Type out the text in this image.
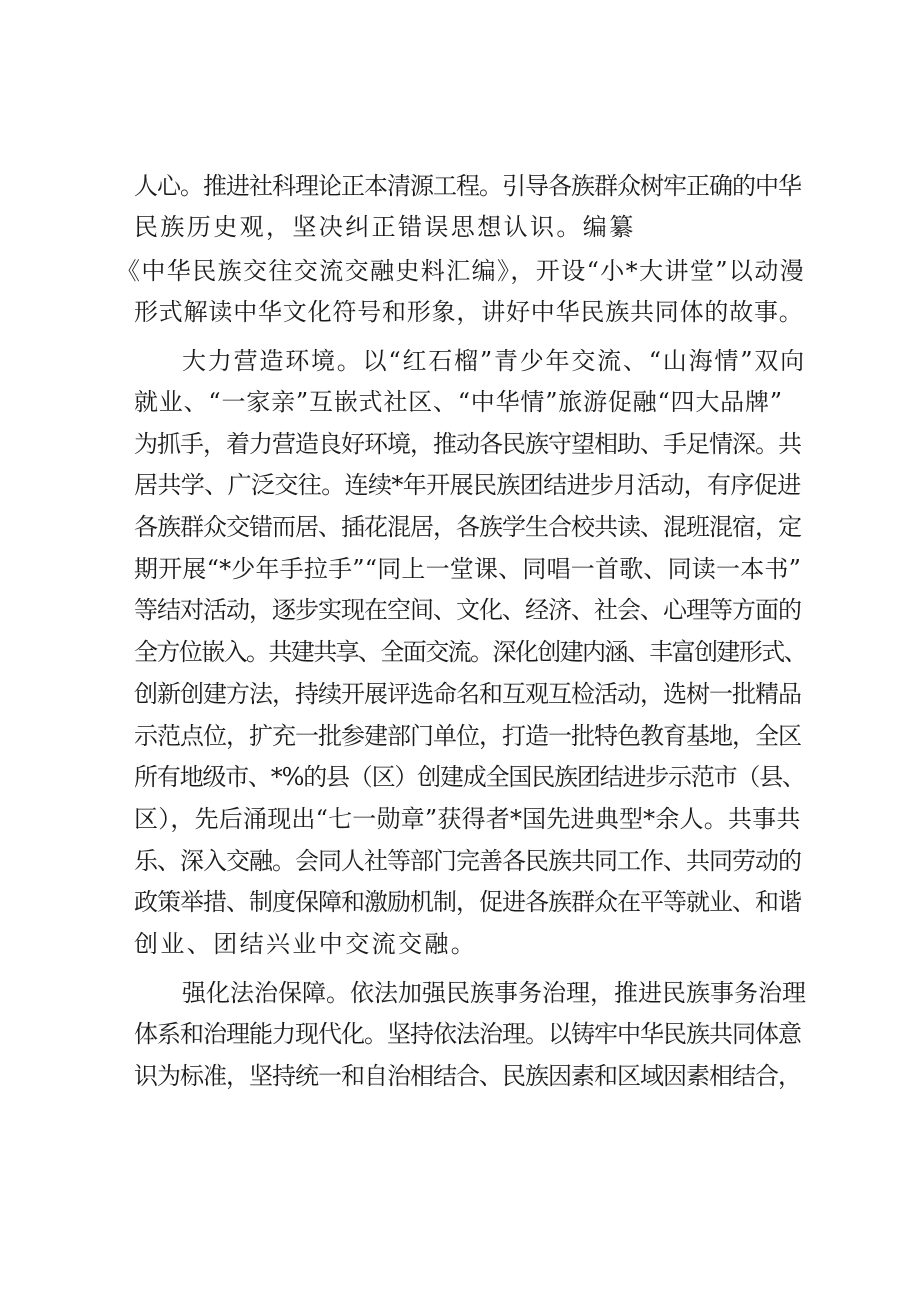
人心。推进社科理论正本清源工程。引导各族群众树牢正确的中华
民族历史观，坚决纠正错误思想认识。编纂
《中华民族交往交流交融史料汇编》，开设“小*大讲堂”以动漫
形式解读中华文化符号和形象，讲好中华民族共同体的故事。
大力营造环境。以“红石榴”青少年交流、“山海情”双向
就业、“一家亲”互嵌式社区、“中华情”旅游促融“四大品牌”
为抓手，着力营造良好环境，推动各民族守望相助、手足情深。共
居共学、广泛交往。连续*年开展民族团结进步月活动，有序促进
各族群众交错而居、插花混居，各族学生合校共读、混班混宿，定
期开展“*少年手拉手”“同上一堂课、同唱一首歌、同读一本书”
等结对活动，逐步实现在空间、文化、经济、社会、心理等方面的
全方位嵌入。共建共享、全面交流。深化创建内涵、丰富创建形式、
创新创建方法，持续开展评选命名和互观互检活动，选树一批精品
示范点位，扩充一批参建部门单位，打造一批特色教育基地，全区
所有地级市、*%的县（区）创建成全国民族团结进步示范市（县、
区），先后涌现出“七一勋章”获得者*国先进典型*余人。共事共
乐、深入交融。会同人社等部门完善各民族共同工作、共同劳动的
政策举措、制度保障和激励机制，促进各族群众在平等就业、和谐
创业、团结兴业中交流交融。
强化法治保障。依法加强民族事务治理，推进民族事务治理
体系和治理能力现代化。坚持依法治理。以铸牢中华民族共同体意
识为标准，坚持统一和自治相结合、民族因素和区域因素相结合，
